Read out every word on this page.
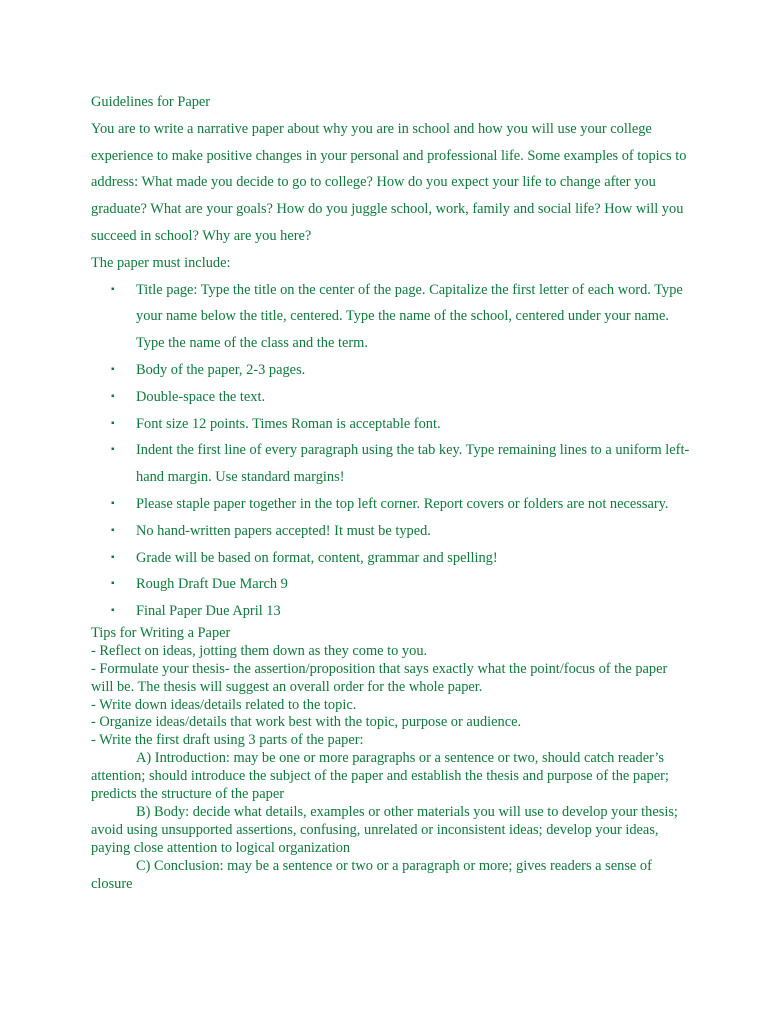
Guidelines for Paper

You are to write a narrative paper about why you are in school and how you will use your college experience to make positive changes in your personal and professional life. Some examples of topics to address: What made you decide to go to college? How do you expect your life to change after you graduate? What are your goals? How do you juggle school, work, family and social life? How will you succeed in school? Why are you here?

The paper must include:

▪ Title page: Type the title on the center of the page. Capitalize the first letter of each word. Type your name below the title, centered. Type the name of the school, centered under your name. Type the name of the class and the term.
▪ Body of the paper, 2-3 pages.
▪ Double-space the text.
▪ Font size 12 points. Times Roman is acceptable font.
▪ Indent the first line of every paragraph using the tab key. Type remaining lines to a uniform left-hand margin. Use standard margins!
▪ Please staple paper together in the top left corner. Report covers or folders are not necessary.
▪ No hand-written papers accepted! It must be typed.
▪ Grade will be based on format, content, grammar and spelling!
▪ Rough Draft Due March 9
▪ Final Paper Due April 13

Tips for Writing a Paper

- Reflect on ideas, jotting them down as they come to you.

- Formulate your thesis- the assertion/proposition that says exactly what the point/focus of the paper will be. The thesis will suggest an overall order for the whole paper.

- Write down ideas/details related to the topic.

- Organize ideas/details that work best with the topic, purpose or audience.

- Write the first draft using 3 parts of the paper:

A) Introduction: may be one or more paragraphs or a sentence or two, should catch reader’s attention; should introduce the subject of the paper and establish the thesis and purpose of the paper; predicts the structure of the paper

B) Body: decide what details, examples or other materials you will use to develop your thesis; avoid using unsupported assertions, confusing, unrelated or inconsistent ideas; develop your ideas, paying close attention to logical organization

C) Conclusion: may be a sentence or two or a paragraph or more; gives readers a sense of closure
